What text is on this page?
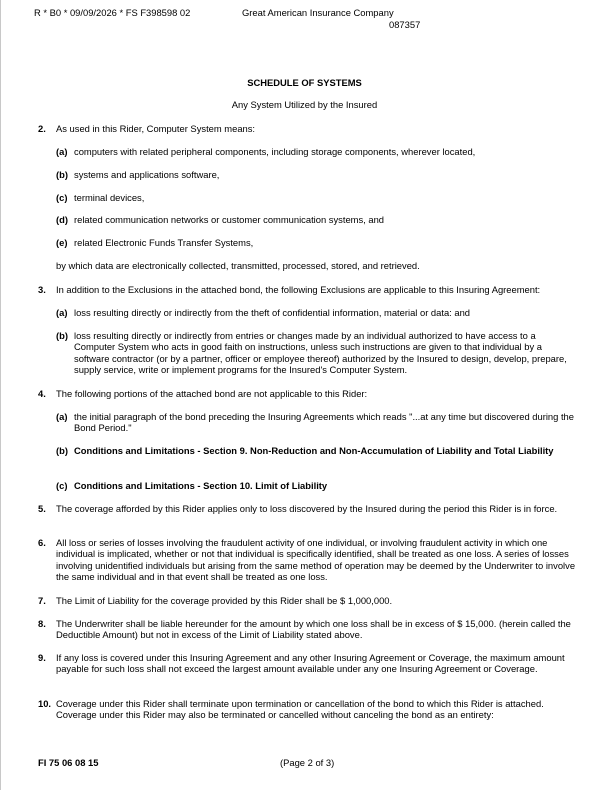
R * B0 * 09/09/2026 * FS F398598 02	Great American Insurance Company
087357
SCHEDULE OF SYSTEMS
Any System Utilized by the Insured
2. As used in this Rider, Computer System means:
(a) computers with related peripheral components, including storage components, wherever located,
(b) systems and applications software,
(c) terminal devices,
(d) related communication networks or customer communication systems, and
(e) related Electronic Funds Transfer Systems,
by which data are electronically collected, transmitted, processed, stored, and retrieved.
3. In addition to the Exclusions in the attached bond, the following Exclusions are applicable to this Insuring Agreement:
(a) loss resulting directly or indirectly from the theft of confidential information, material or data: and
(b) loss resulting directly or indirectly from entries or changes made by an individual authorized to have access to a Computer System who acts in good faith on instructions, unless such instructions are given to that individual by a software contractor (or by a partner, officer or employee thereof) authorized by the Insured to design, develop, prepare, supply service, write or implement programs for the Insured's Computer System.
4. The following portions of the attached bond are not applicable to this Rider:
(a) the initial paragraph of the bond preceding the Insuring Agreements which reads "...at any time but discovered during the Bond Period."
(b) Conditions and Limitations - Section 9. Non-Reduction and Non-Accumulation of Liability and Total Liability
(c) Conditions and Limitations - Section 10. Limit of Liability
5. The coverage afforded by this Rider applies only to loss discovered by the Insured during the period this Rider is in force.
6. All loss or series of losses involving the fraudulent activity of one individual, or involving fraudulent activity in which one individual is implicated, whether or not that individual is specifically identified, shall be treated as one loss. A series of losses involving unidentified individuals but arising from the same method of operation may be deemed by the Underwriter to involve the same individual and in that event shall be treated as one loss.
7. The Limit of Liability for the coverage provided by this Rider shall be $ 1,000,000.
8. The Underwriter shall be liable hereunder for the amount by which one loss shall be in excess of $ 15,000. (herein called the Deductible Amount) but not in excess of the Limit of Liability stated above.
9. If any loss is covered under this Insuring Agreement and any other Insuring Agreement or Coverage, the maximum amount payable for such loss shall not exceed the largest amount available under any one Insuring Agreement or Coverage.
10. Coverage under this Rider shall terminate upon termination or cancellation of the bond to which this Rider is attached. Coverage under this Rider may also be terminated or cancelled without canceling the bond as an entirety:
FI 75 06 08 15	(Page 2 of 3)
